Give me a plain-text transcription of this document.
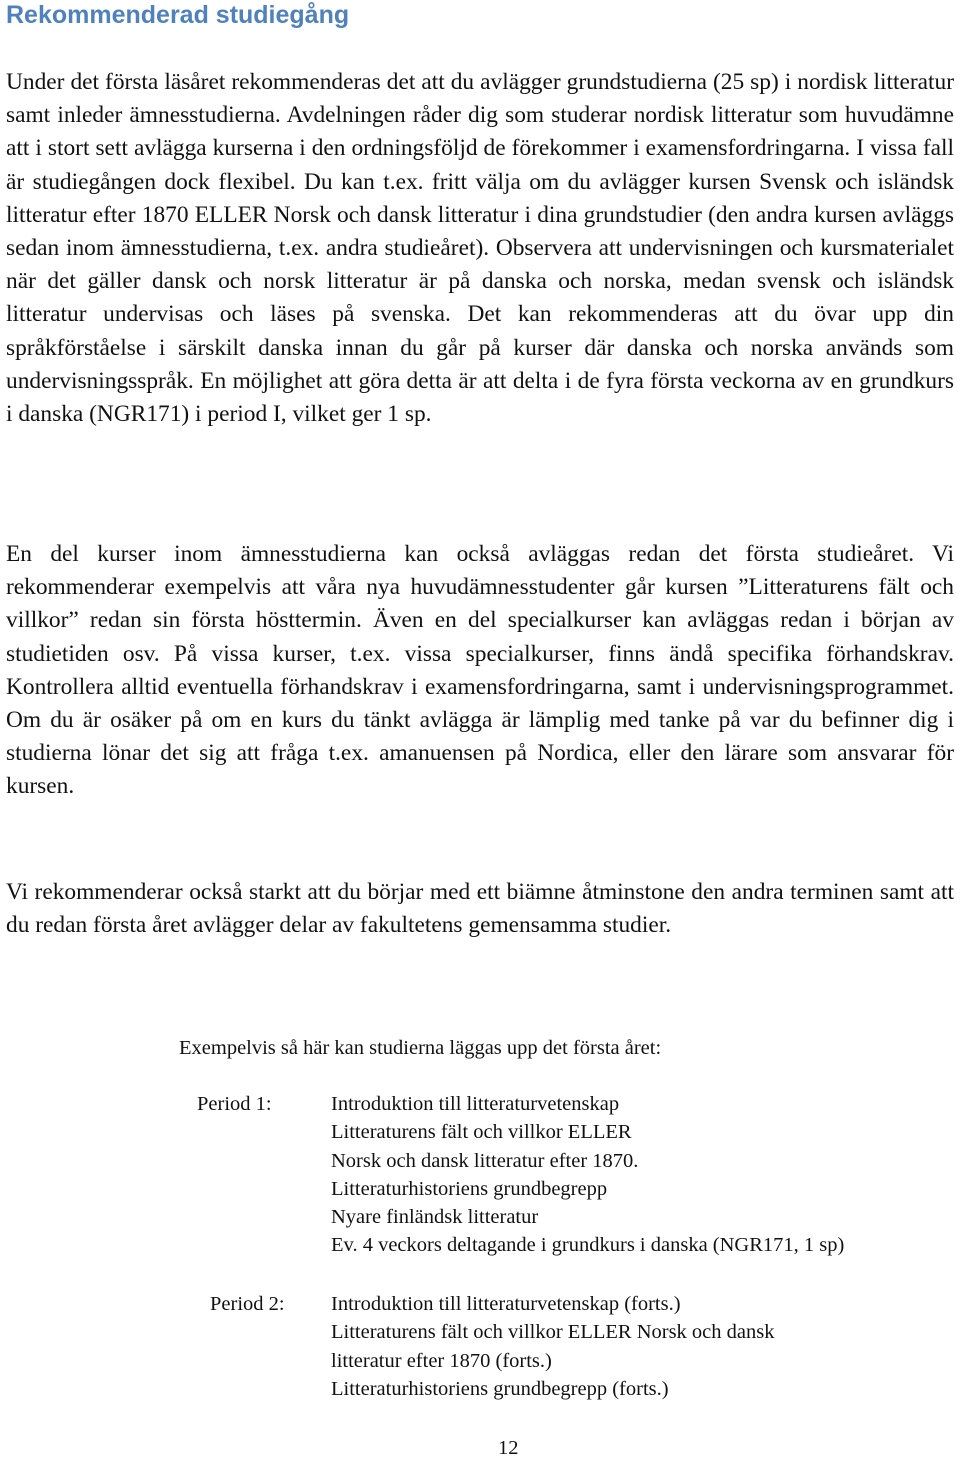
Rekommenderad studiegång

Under det första läsåret rekommenderas det att du avlägger grundstudierna (25 sp) i nordisk litteratur samt inleder ämnesstudierna. Avdelningen råder dig som studerar nordisk litteratur som huvudämne att i stort sett avlägga kurserna i den ordningsföljd de förekommer i examensfordringarna. I vissa fall är studiegången dock flexibel. Du kan t.ex. fritt välja om du avlägger kursen Svensk och isländsk litteratur efter 1870 ELLER Norsk och dansk litteratur i dina grundstudier (den andra kursen avläggs sedan inom ämnesstudierna, t.ex. andra studieåret). Observera att undervisningen och kursmaterialet när det gäller dansk och norsk litteratur är på danska och norska, medan svensk och isländsk litteratur undervisas och läses på svenska. Det kan rekommenderas att du övar upp din språkförståelse i särskilt danska innan du går på kurser där danska och norska används som undervisningsspråk. En möjlighet att göra detta är att delta i de fyra första veckorna av en grundkurs i danska (NGR171) i period I, vilket ger 1 sp.

En del kurser inom ämnesstudierna kan också avläggas redan det första studieåret. Vi rekommenderar exempelvis att våra nya huvudämnesstudenter går kursen ”Litteraturens fält och villkor” redan sin första hösttermin. Även en del specialkurser kan avläggas redan i början av studietiden osv. På vissa kurser, t.ex. vissa specialkurser, finns ändå specifika förhandskrav. Kontrollera alltid eventuella förhandskrav i examensfordringarna, samt i undervisningsprogrammet. Om du är osäker på om en kurs du tänkt avlägga är lämplig med tanke på var du befinner dig i studierna lönar det sig att fråga t.ex. amanuensen på Nordica, eller den lärare som ansvarar för kursen.

Vi rekommenderar också starkt att du börjar med ett biämne åtminstone den andra terminen samt att du redan första året avlägger delar av fakultetens gemensamma studier.

Exempelvis så här kan studierna läggas upp det första året:

Period 1:	Introduktion till litteraturvetenskap
Litteraturens fält och villkor ELLER
Norsk och dansk litteratur efter 1870.
Litteraturhistoriens grundbegrepp
Nyare finländsk litteratur
Ev. 4 veckors deltagande i grundkurs i danska (NGR171, 1 sp)
Period 2: Introduktion till litteraturvetenskap (forts.)
Litteraturens fält och villkor ELLER Norsk och dansk
litteratur efter 1870 (forts.)
Litteraturhistoriens grundbegrepp (forts.)
12
